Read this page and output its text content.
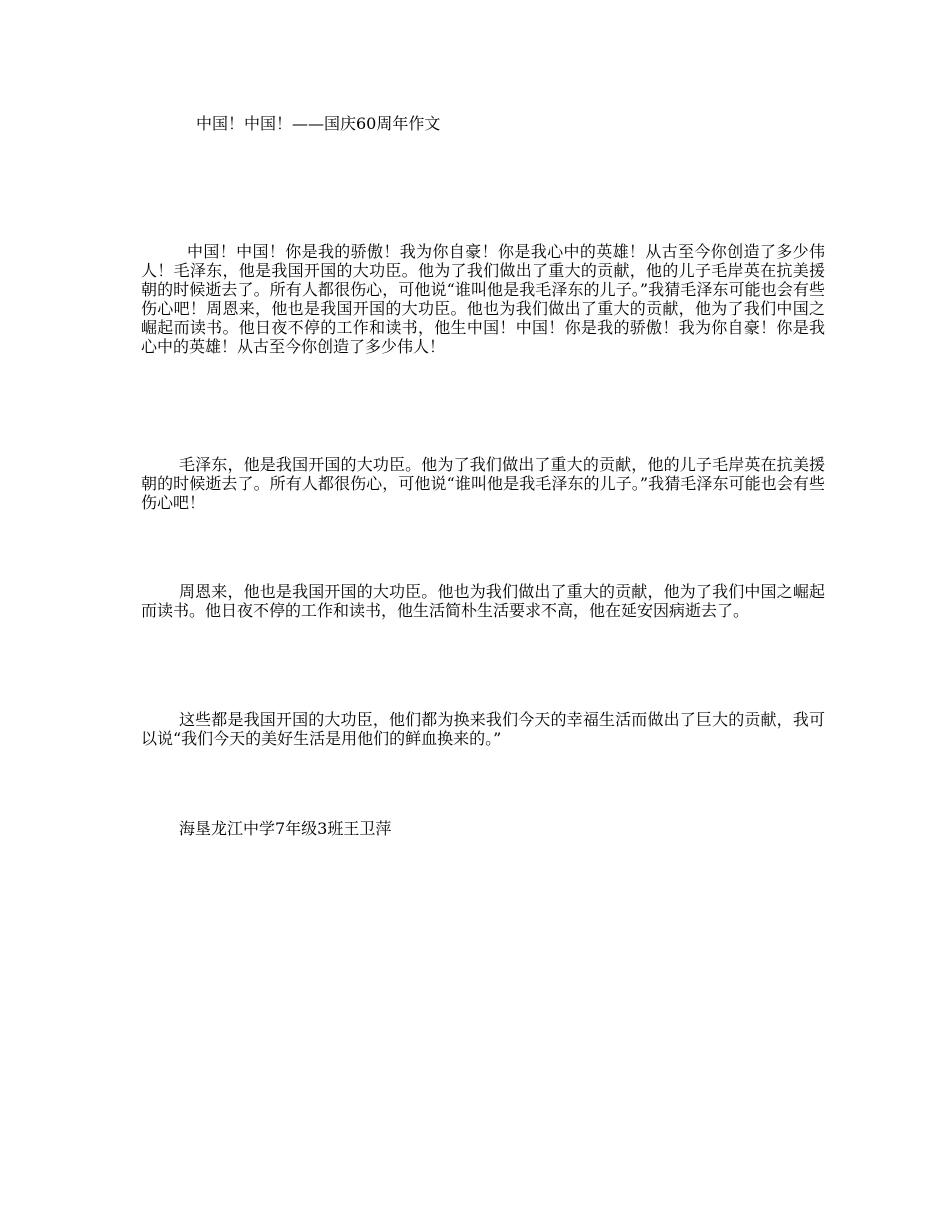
中国！中国！——国庆60周年作文

中国！中国！你是我的骄傲！我为你自豪！你是我心中的英雄！从古至今你创造了多少伟人！毛泽东，他是我国开国的大功臣。他为了我们做出了重大的贡献，他的儿子毛岸英在抗美援朝的时候逝去了。所有人都很伤心，可他说“谁叫他是我毛泽东的儿子。”我猜毛泽东可能也会有些伤心吧！周恩来，他也是我国开国的大功臣。他也为我们做出了重大的贡献，他为了我们中国之崛起而读书。他日夜不停的工作和读书，他生中国！中国！你是我的骄傲！我为你自豪！你是我心中的英雄！从古至今你创造了多少伟人！

毛泽东，他是我国开国的大功臣。他为了我们做出了重大的贡献，他的儿子毛岸英在抗美援朝的时候逝去了。所有人都很伤心，可他说“谁叫他是我毛泽东的儿子。”我猜毛泽东可能也会有些伤心吧！

周恩来，他也是我国开国的大功臣。他也为我们做出了重大的贡献，他为了我们中国之崛起而读书。他日夜不停的工作和读书，他生活简朴生活要求不高，他在延安因病逝去了。

这些都是我国开国的大功臣，他们都为换来我们今天的幸福生活而做出了巨大的贡献，我可以说“我们今天的美好生活是用他们的鲜血换来的。”

海垦龙江中学7年级3班王卫萍
